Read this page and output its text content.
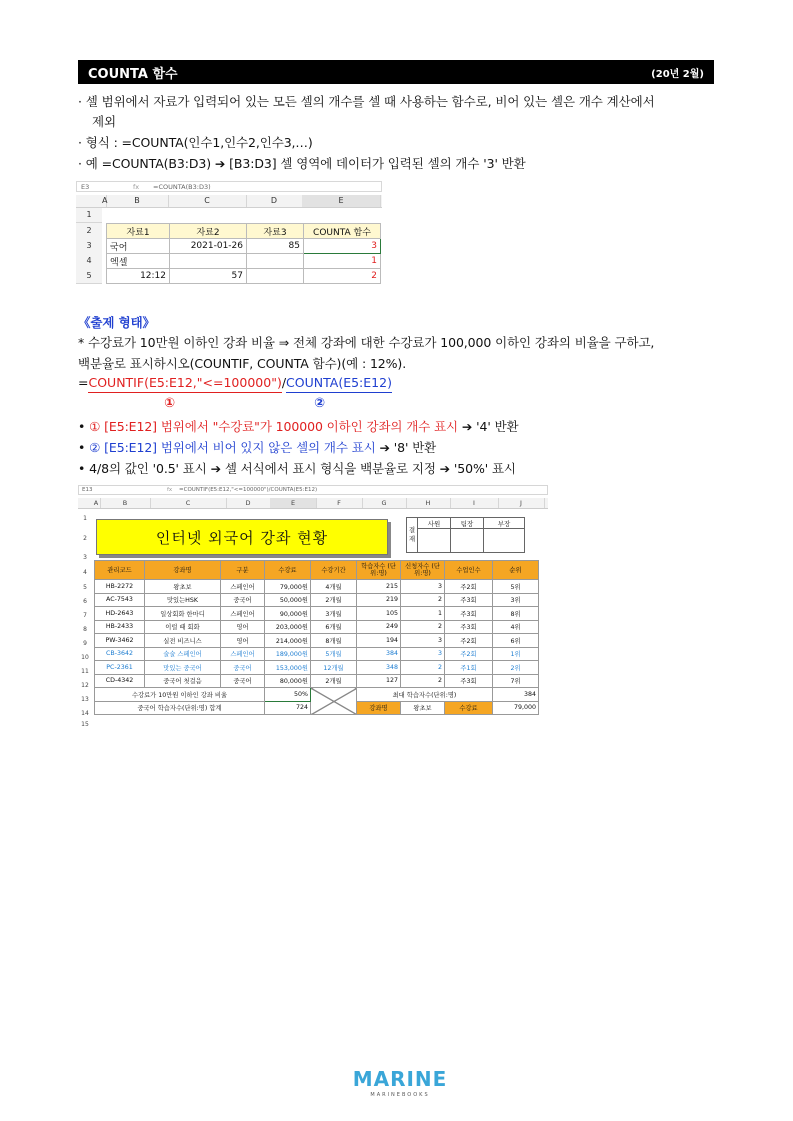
COUNTA 함수	(20년 2월)
· 셀 범위에서 자료가 입력되어 있는 모든 셀의 개수를 셀 때 사용하는 함수로, 비어 있는 셀은 개수 계산에서
제외
· 형식 : =COUNTA(인수1,인수2,인수3,…)
· 예 =COUNTA(B3:D3) ➔ [B3:D3] 셀 영역에 데이터가 입력된 셀의 개수 '3' 반환
E3	fx =COUNTA(B3:D3)
A	B	C	D	E
1
2
3
4
5
자료1	자료2	자료3	COUNTA 함수
국어	2021-01-26	85	3
엑셀			1
12:12	57		2
《출제 형태》
* 수강료가 10만원 이하인 강좌 비율 ⇒ 전체 강좌에 대한 수강료가 100,000 이하인 강좌의 비율을 구하고,
백분율로 표시하시오(COUNTIF, COUNTA 함수)(예 : 12%).
=COUNTIF(E5:E12,"<=100000")/COUNTA(E5:E12)
①	②
• ① [E5:E12] 범위에서 "수강료"가 100000 이하인 강좌의 개수 표시 ➔ '4' 반환
• ② [E5:E12] 범위에서 비어 있지 않은 셀의 개수 표시 ➔ '8' 반환
• 4/8의 값인 '0.5' 표시 ➔ 셀 서식에서 표시 형식을 백분율로 지정 ➔ '50%' 표시
E13	fx =COUNTIF(E5:E12,"<=100000")/COUNTA(E5:E12)
A	B	C	D	E	F	G	H	I	J
1
2
3
4
5
6
7
8
9
10
11
12
13
14
15
인터넷 외국어 강좌 현황	결재	사원	팀장	부장

관리코드	강좌명	구분	수강료	수강기간	학습자수 (단위:명)	신청자수 (단위:명)	수업인수	순위
HB-2272	왕초보	스페인어	79,000원	4개월	215	3	주2회	5위
AC-7543	맛있는HSK	중국어	50,000원	2개월	219	2	주3회	3위
HD-2643	일상회화 한마디	스페인어	90,000원	3개월	105	1	주3회	8위
HB-2433	이럴 때 회화	영어	203,000원	6개월	249	2	주3회	4위
PW-3462	실전 비즈니스	영어	214,000원	8개월	194	3	주2회	6위
CB-3642	술술 스페인어	스페인어	189,000원	5개월	384	3	주2회	1위
PC-2361	맛있는 중국어	중국어	153,000원	12개월	348	2	주1회	2위
CD-4342	중국어 첫걸음	중국어	80,000원	2개월	127	2	주3회	7위
수강료가 10만원 이하인 강좌 비율			50%		최대 학습자수(단위:명)			384
중국어 학습자수(단위:명) 합계			724		강좌명	왕초보	수강료	79,000
MARINE
MARINEBOOKS
